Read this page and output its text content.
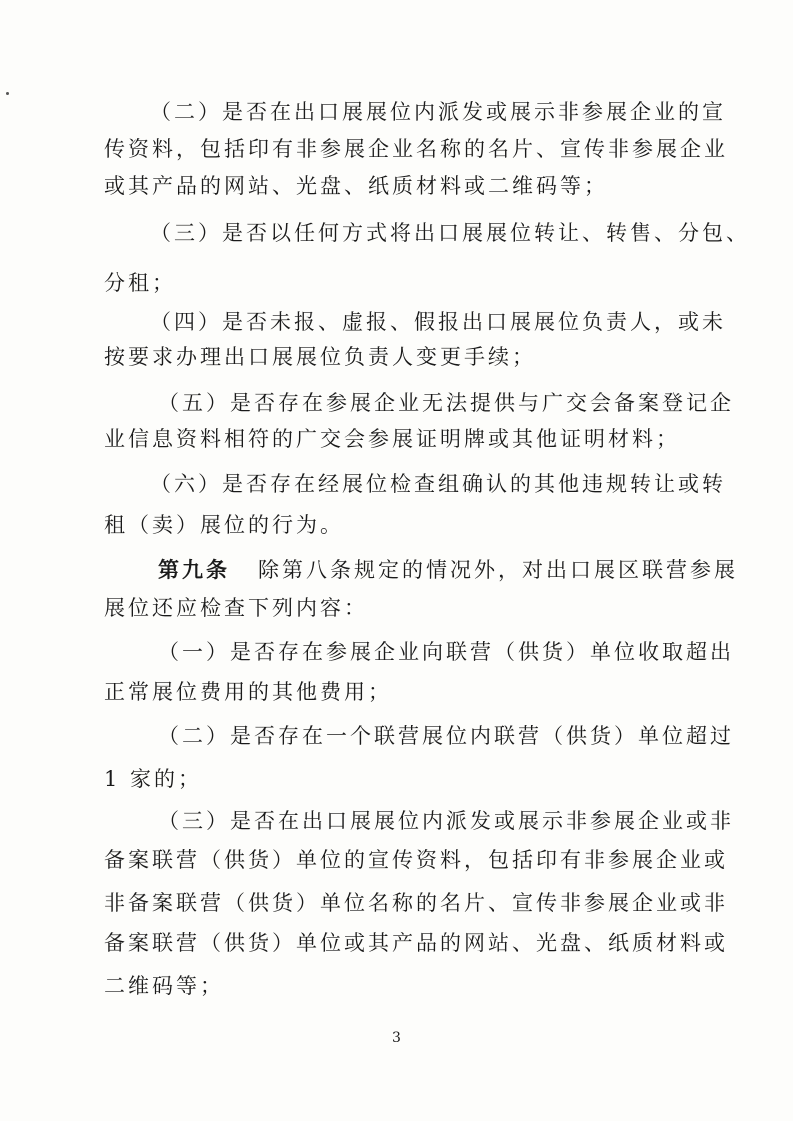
（二）是否在出口展展位内派发或展示非参展企业的宣
传资料，包括印有非参展企业名称的名片、宣传非参展企业
或其产品的网站、光盘、纸质材料或二维码等；
（三）是否以任何方式将出口展展位转让、转售、分包、
分租；
（四）是否未报、虚报、假报出口展展位负责人，或未
按要求办理出口展展位负责人变更手续；
（五）是否存在参展企业无法提供与广交会备案登记企
业信息资料相符的广交会参展证明牌或其他证明材料；
（六）是否存在经展位检查组确认的其他违规转让或转
租（卖）展位的行为。
第九条 除第八条规定的情况外，对出口展区联营参展
展位还应检查下列内容：
（一）是否存在参展企业向联营（供货）单位收取超出
正常展位费用的其他费用；
（二）是否存在一个联营展位内联营（供货）单位超过
1 家的；
（三）是否在出口展展位内派发或展示非参展企业或非
备案联营（供货）单位的宣传资料，包括印有非参展企业或
非备案联营（供货）单位名称的名片、宣传非参展企业或非
备案联营（供货）单位或其产品的网站、光盘、纸质材料或
二维码等；
3
